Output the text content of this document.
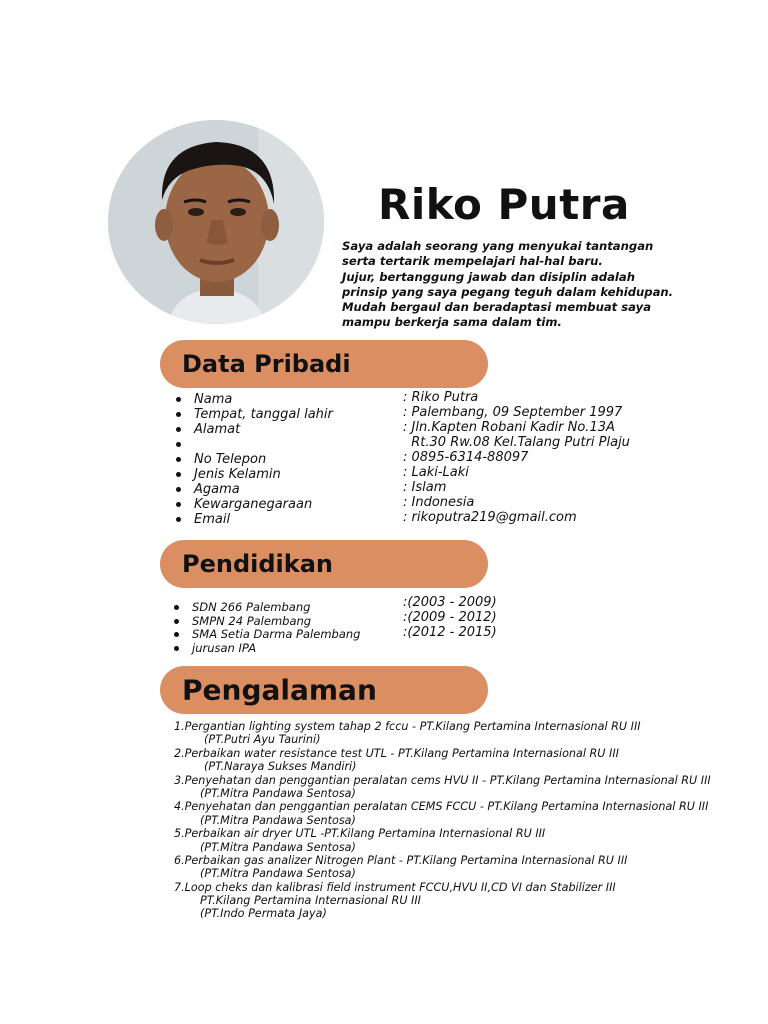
Riko Putra
Saya adalah seorang yang menyukai tantangan
serta tertarik mempelajari hal-hal baru.
Jujur, bertanggung jawab dan disiplin adalah
prinsip yang saya pegang teguh dalam kehidupan.
Mudah bergaul dan beradaptasi membuat saya
mampu berkerja sama dalam tim.
Data Pribadi
Nama
Tempat, tanggal lahir
Alamat
No Telepon
Jenis Kelamin
Agama
Kewarganegaraan
Email
: Riko Putra
: Palembang, 09 September 1997
: Jln.Kapten Robani Kadir No.13A
Rt.30 Rw.08 Kel.Talang Putri Plaju
: 0895-6314-88097
: Laki-Laki
: Islam
: Indonesia
: rikoputra219@gmail.com
Pendidikan
SDN 266 Palembang
SMPN 24 Palembang
SMA Setia Darma Palembang
jurusan IPA
:(2003 - 2009)
:(2009 - 2012)
:(2012 - 2015)
Pengalaman
1.Pergantian lighting system tahap 2 fccu - PT.Kilang Pertamina Internasional RU III
(PT.Putri Ayu Taurini)
2.Perbaikan water resistance test UTL - PT.Kilang Pertamina Internasional RU III
(PT.Naraya Sukses Mandiri)
3.Penyehatan dan penggantian peralatan cems HVU II - PT.Kilang Pertamina Internasional RU III
(PT.Mitra Pandawa Sentosa)
4.Penyehatan dan penggantian peralatan CEMS FCCU - PT.Kilang Pertamina Internasional RU III
(PT.Mitra Pandawa Sentosa)
5.Perbaikan air dryer UTL -PT.Kilang Pertamina Internasional RU III
(PT.Mitra Pandawa Sentosa)
6.Perbaikan gas analizer Nitrogen Plant - PT.Kilang Pertamina Internasional RU III
(PT.Mitra Pandawa Sentosa)
7.Loop cheks dan kalibrasi field instrument FCCU,HVU II,CD VI dan Stabilizer III
PT.Kilang Pertamina Internasional RU III
(PT.Indo Permata Jaya)
